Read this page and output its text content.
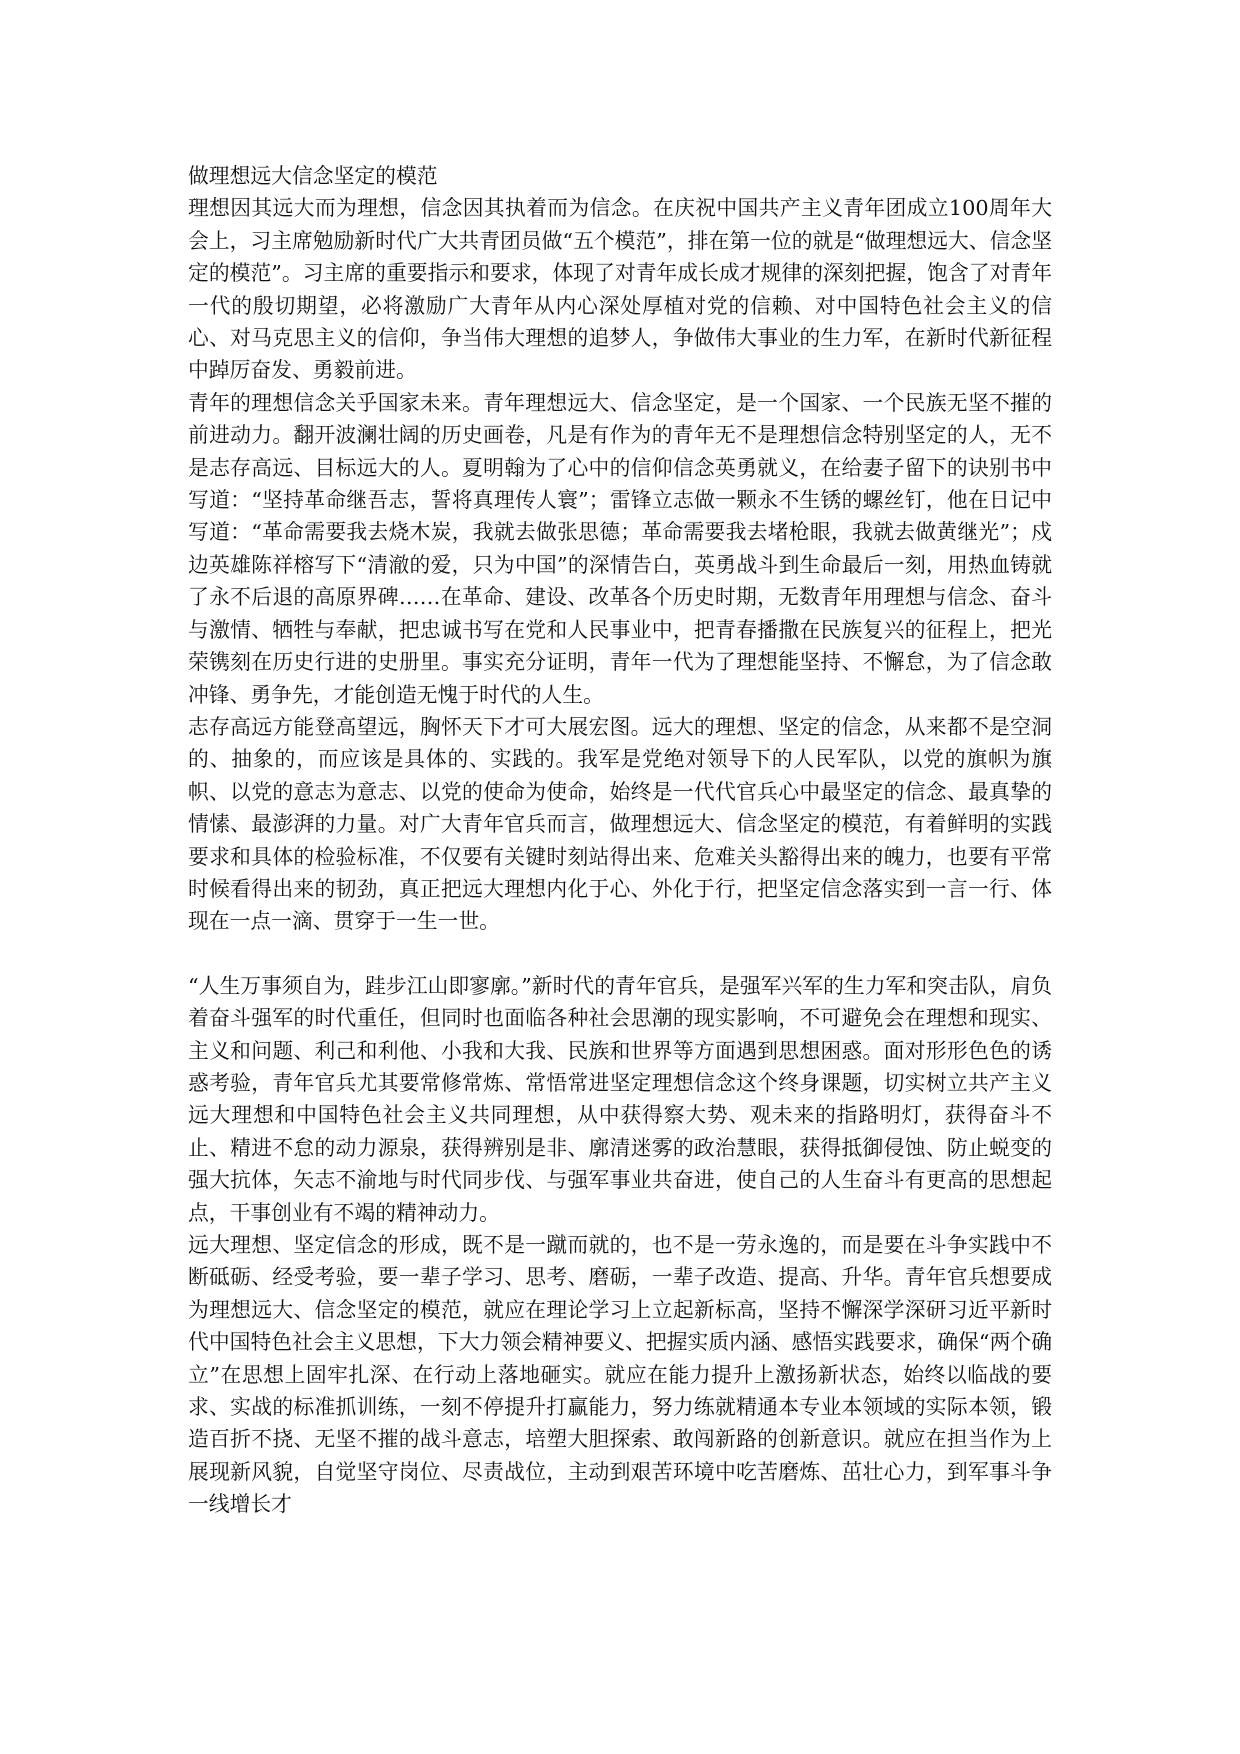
做理想远大信念坚定的模范

理想因其远大而为理想，信念因其执着而为信念。在庆祝中国共产主义青年团成立100周年大会上，习主席勉励新时代广大共青团员做“五个模范”，排在第一位的就是“做理想远大、信念坚定的模范”。习主席的重要指示和要求，体现了对青年成长成才规律的深刻把握，饱含了对青年一代的殷切期望，必将激励广大青年从内心深处厚植对党的信赖、对中国特色社会主义的信心、对马克思主义的信仰，争当伟大理想的追梦人，争做伟大事业的生力军，在新时代新征程中踔厉奋发、勇毅前进。

青年的理想信念关乎国家未来。青年理想远大、信念坚定，是一个国家、一个民族无坚不摧的前进动力。翻开波澜壮阔的历史画卷，凡是有作为的青年无不是理想信念特别坚定的人，无不是志存高远、目标远大的人。夏明翰为了心中的信仰信念英勇就义，在给妻子留下的诀别书中写道：“坚持革命继吾志，誓将真理传人寰”；雷锋立志做一颗永不生锈的螺丝钉，他在日记中写道：“革命需要我去烧木炭，我就去做张思德；革命需要我去堵枪眼，我就去做黄继光”；戍边英雄陈祥榕写下“清澈的爱，只为中国”的深情告白，英勇战斗到生命最后一刻，用热血铸就了永不后退的高原界碑……在革命、建设、改革各个历史时期，无数青年用理想与信念、奋斗与激情、牺牲与奉献，把忠诚书写在党和人民事业中，把青春播撒在民族复兴的征程上，把光荣镌刻在历史行进的史册里。事实充分证明，青年一代为了理想能坚持、不懈怠，为了信念敢冲锋、勇争先，才能创造无愧于时代的人生。

志存高远方能登高望远，胸怀天下才可大展宏图。远大的理想、坚定的信念，从来都不是空洞的、抽象的，而应该是具体的、实践的。我军是党绝对领导下的人民军队，以党的旗帜为旗帜、以党的意志为意志、以党的使命为使命，始终是一代代官兵心中最坚定的信念、最真挚的情愫、最澎湃的力量。对广大青年官兵而言，做理想远大、信念坚定的模范，有着鲜明的实践要求和具体的检验标准，不仅要有关键时刻站得出来、危难关头豁得出来的魄力，也要有平常时候看得出来的韧劲，真正把远大理想内化于心、外化于行，把坚定信念落实到一言一行、体现在一点一滴、贯穿于一生一世。

“人生万事须自为，跬步江山即寥廓。”新时代的青年官兵，是强军兴军的生力军和突击队，肩负着奋斗强军的时代重任，但同时也面临各种社会思潮的现实影响，不可避免会在理想和现实、主义和问题、利己和利他、小我和大我、民族和世界等方面遇到思想困惑。面对形形色色的诱惑考验，青年官兵尤其要常修常炼、常悟常进坚定理想信念这个终身课题，切实树立共产主义远大理想和中国特色社会主义共同理想，从中获得察大势、观未来的指路明灯，获得奋斗不止、精进不怠的动力源泉，获得辨别是非、廓清迷雾的政治慧眼，获得抵御侵蚀、防止蜕变的强大抗体，矢志不渝地与时代同步伐、与强军事业共奋进，使自己的人生奋斗有更高的思想起点，干事创业有不竭的精神动力。

远大理想、坚定信念的形成，既不是一蹴而就的，也不是一劳永逸的，而是要在斗争实践中不断砥砺、经受考验，要一辈子学习、思考、磨砺，一辈子改造、提高、升华。青年官兵想要成为理想远大、信念坚定的模范，就应在理论学习上立起新标高，坚持不懈深学深研习近平新时代中国特色社会主义思想，下大力领会精神要义、把握实质内涵、感悟实践要求，确保“两个确立”在思想上固牢扎深、在行动上落地砸实。就应在能力提升上激扬新状态，始终以临战的要求、实战的标准抓训练，一刻不停提升打赢能力，努力练就精通本专业本领域的实际本领，锻造百折不挠、无坚不摧的战斗意志，培塑大胆探索、敢闯新路的创新意识。就应在担当作为上展现新风貌，自觉坚守岗位、尽责战位，主动到艰苦环境中吃苦磨炼、茁壮心力，到军事斗争一线增长才
